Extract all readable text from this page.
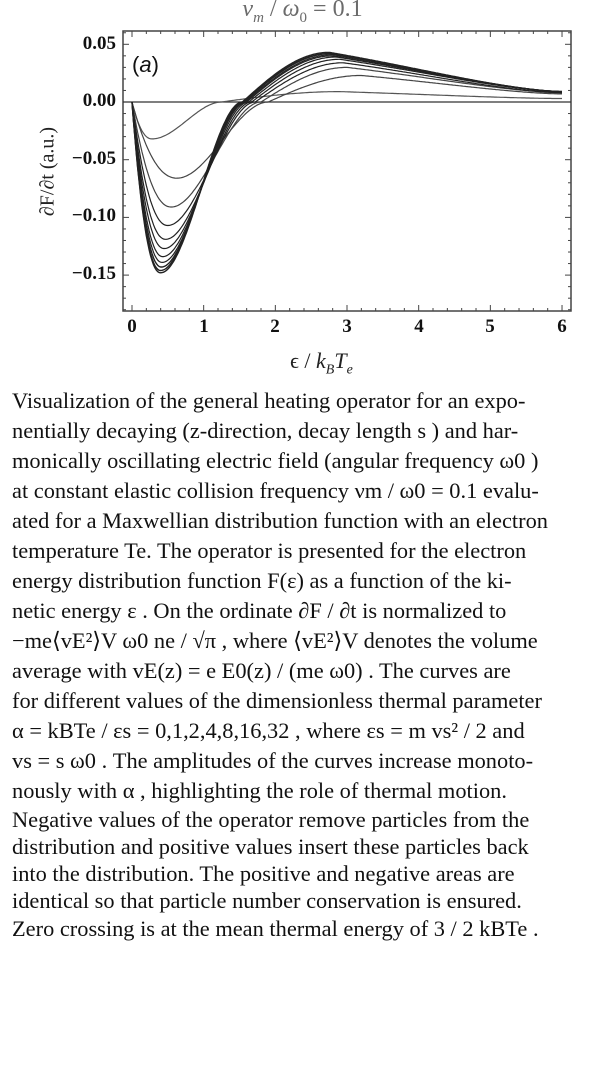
$\nu_m / \omega_0 = 0.1$
(a)
∂F/∂t (a.u.)
0.05
0.00
−0.05
−0.10
−0.15
0	1	2	3	4	5	6
ϵ / $k_BT_e$

Visualization of the general heating operator for an expo-

nentially decaying (z-direction, decay length s ) and har-

monically oscillating electric field (angular frequency ω0 )

at constant elastic collision frequency νm / ω0 = 0.1 evalu-

ated for a Maxwellian distribution function with an electron

temperature Te. The operator is presented for the electron

energy distribution function F(ε) as a function of the ki-

netic energy ε . On the ordinate ∂F / ∂t is normalized to

−me⟨vE²⟩V ω0 ne / √π , where ⟨vE²⟩V denotes the volume

average with vE(z) = e E0(z) / (me ω0) . The curves are

for different values of the dimensionless thermal parameter

α = kBTe / εs = 0,1,2,4,8,16,32 , where εs = m vs² / 2 and

vs = s ω0 . The amplitudes of the curves increase monoto-

nously with α , highlighting the role of thermal motion.

Negative values of the operator remove particles from the

distribution and positive values insert these particles back

into the distribution. The positive and negative areas are

identical so that particle number conservation is ensured.

Zero crossing is at the mean thermal energy of 3 / 2 kBTe .
